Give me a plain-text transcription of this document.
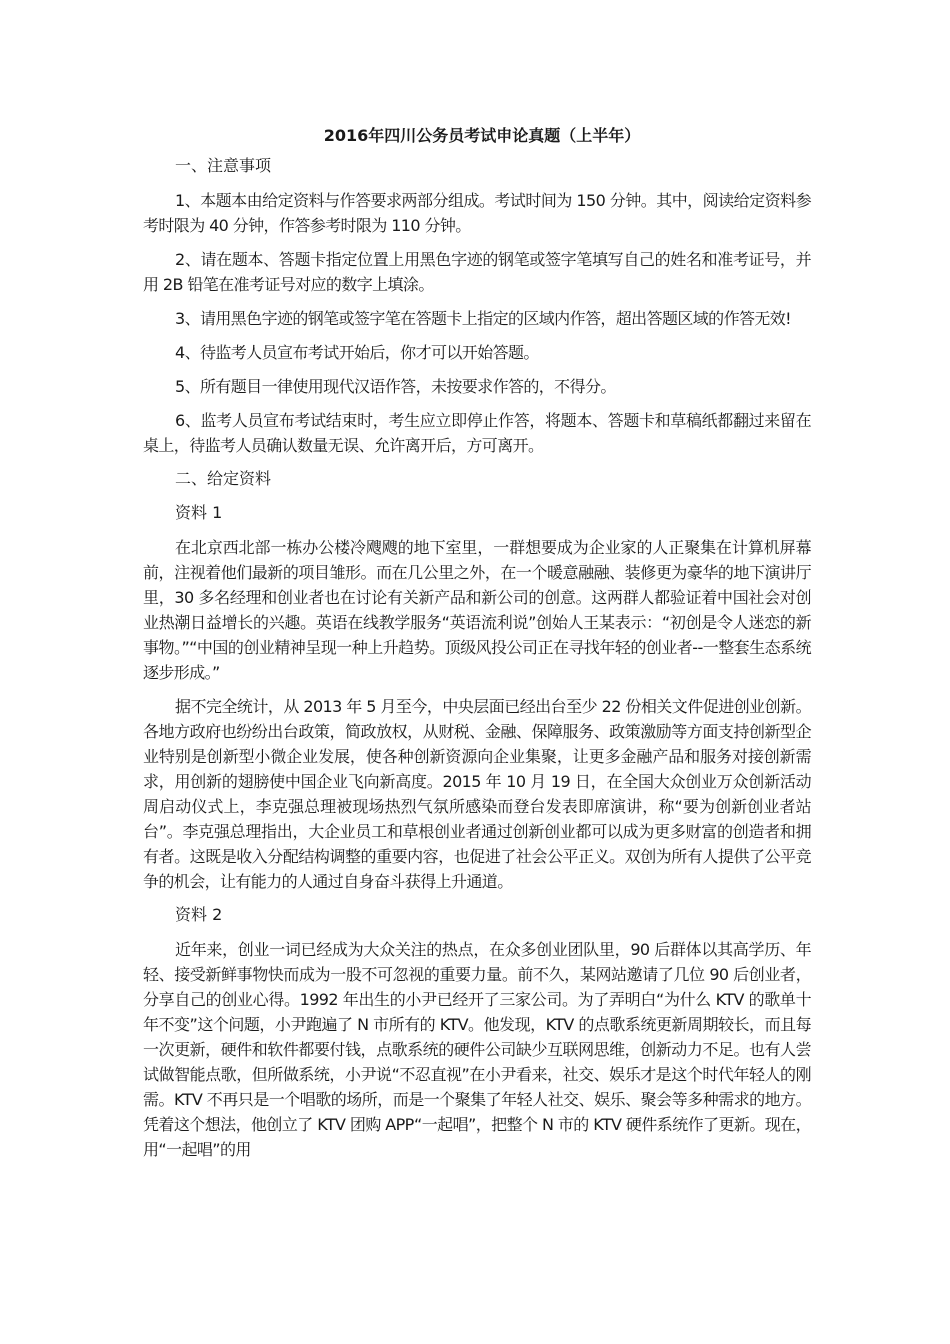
2016年四川公务员考试申论真题（上半年）
一、注意事项

1、本题本由给定资料与作答要求两部分组成。考试时间为 150 分钟。其中，阅读给定资料参考时限为 40 分钟，作答参考时限为 110 分钟。

2、请在题本、答题卡指定位置上用黑色字迹的钢笔或签字笔填写自己的姓名和准考证号，并用 2B 铅笔在准考证号对应的数字上填涂。

3、请用黑色字迹的钢笔或签字笔在答题卡上指定的区域内作答，超出答题区域的作答无效!

4、待监考人员宣布考试开始后，你才可以开始答题。

5、所有题目一律使用现代汉语作答，未按要求作答的，不得分。

6、监考人员宣布考试结束时，考生应立即停止作答，将题本、答题卡和草稿纸都翻过来留在桌上，待监考人员确认数量无误、允许离开后，方可离开。

二、给定资料
资料 1

在北京西北部一栋办公楼冷飕飕的地下室里，一群想要成为企业家的人正聚集在计算机屏幕前，注视着他们最新的项目雏形。而在几公里之外，在一个暖意融融、装修更为豪华的地下演讲厅里，30 多名经理和创业者也在讨论有关新产品和新公司的创意。这两群人都验证着中国社会对创业热潮日益增长的兴趣。英语在线教学服务“英语流利说”创始人王某表示：“初创是令人迷恋的新事物。”“中国的创业精神呈现一种上升趋势。顶级风投公司正在寻找年轻的创业者--一整套生态系统逐步形成。”

据不完全统计，从 2013 年 5 月至今，中央层面已经出台至少 22 份相关文件促进创业创新。各地方政府也纷纷出台政策，简政放权，从财税、金融、保障服务、政策激励等方面支持创新型企业特别是创新型小微企业发展，使各种创新资源向企业集聚，让更多金融产品和服务对接创新需求，用创新的翅膀使中国企业飞向新高度。2015 年 10 月 19 日，在全国大众创业万众创新活动周启动仪式上，李克强总理被现场热烈气氛所感染而登台发表即席演讲，称“要为创新创业者站台”。李克强总理指出，大企业员工和草根创业者通过创新创业都可以成为更多财富的创造者和拥有者。这既是收入分配结构调整的重要内容，也促进了社会公平正义。双创为所有人提供了公平竞争的机会，让有能力的人通过自身奋斗获得上升通道。

资料 2

近年来，创业一词已经成为大众关注的热点，在众多创业团队里，90 后群体以其高学历、年轻、接受新鲜事物快而成为一股不可忽视的重要力量。前不久，某网站邀请了几位 90 后创业者，分享自己的创业心得。1992 年出生的小尹已经开了三家公司。为了弄明白“为什么 KTV 的歌单十年不变”这个问题，小尹跑遍了 N 市所有的 KTV。他发现，KTV 的点歌系统更新周期较长，而且每一次更新，硬件和软件都要付钱，点歌系统的硬件公司缺少互联网思维，创新动力不足。也有人尝试做智能点歌，但所做系统，小尹说“不忍直视”在小尹看来，社交、娱乐才是这个时代年轻人的刚需。KTV 不再只是一个唱歌的场所，而是一个聚集了年轻人社交、娱乐、聚会等多种需求的地方。凭着这个想法，他创立了 KTV 团购 APP“一起唱”，把整个 N 市的 KTV 硬件系统作了更新。现在，用“一起唱”的用
